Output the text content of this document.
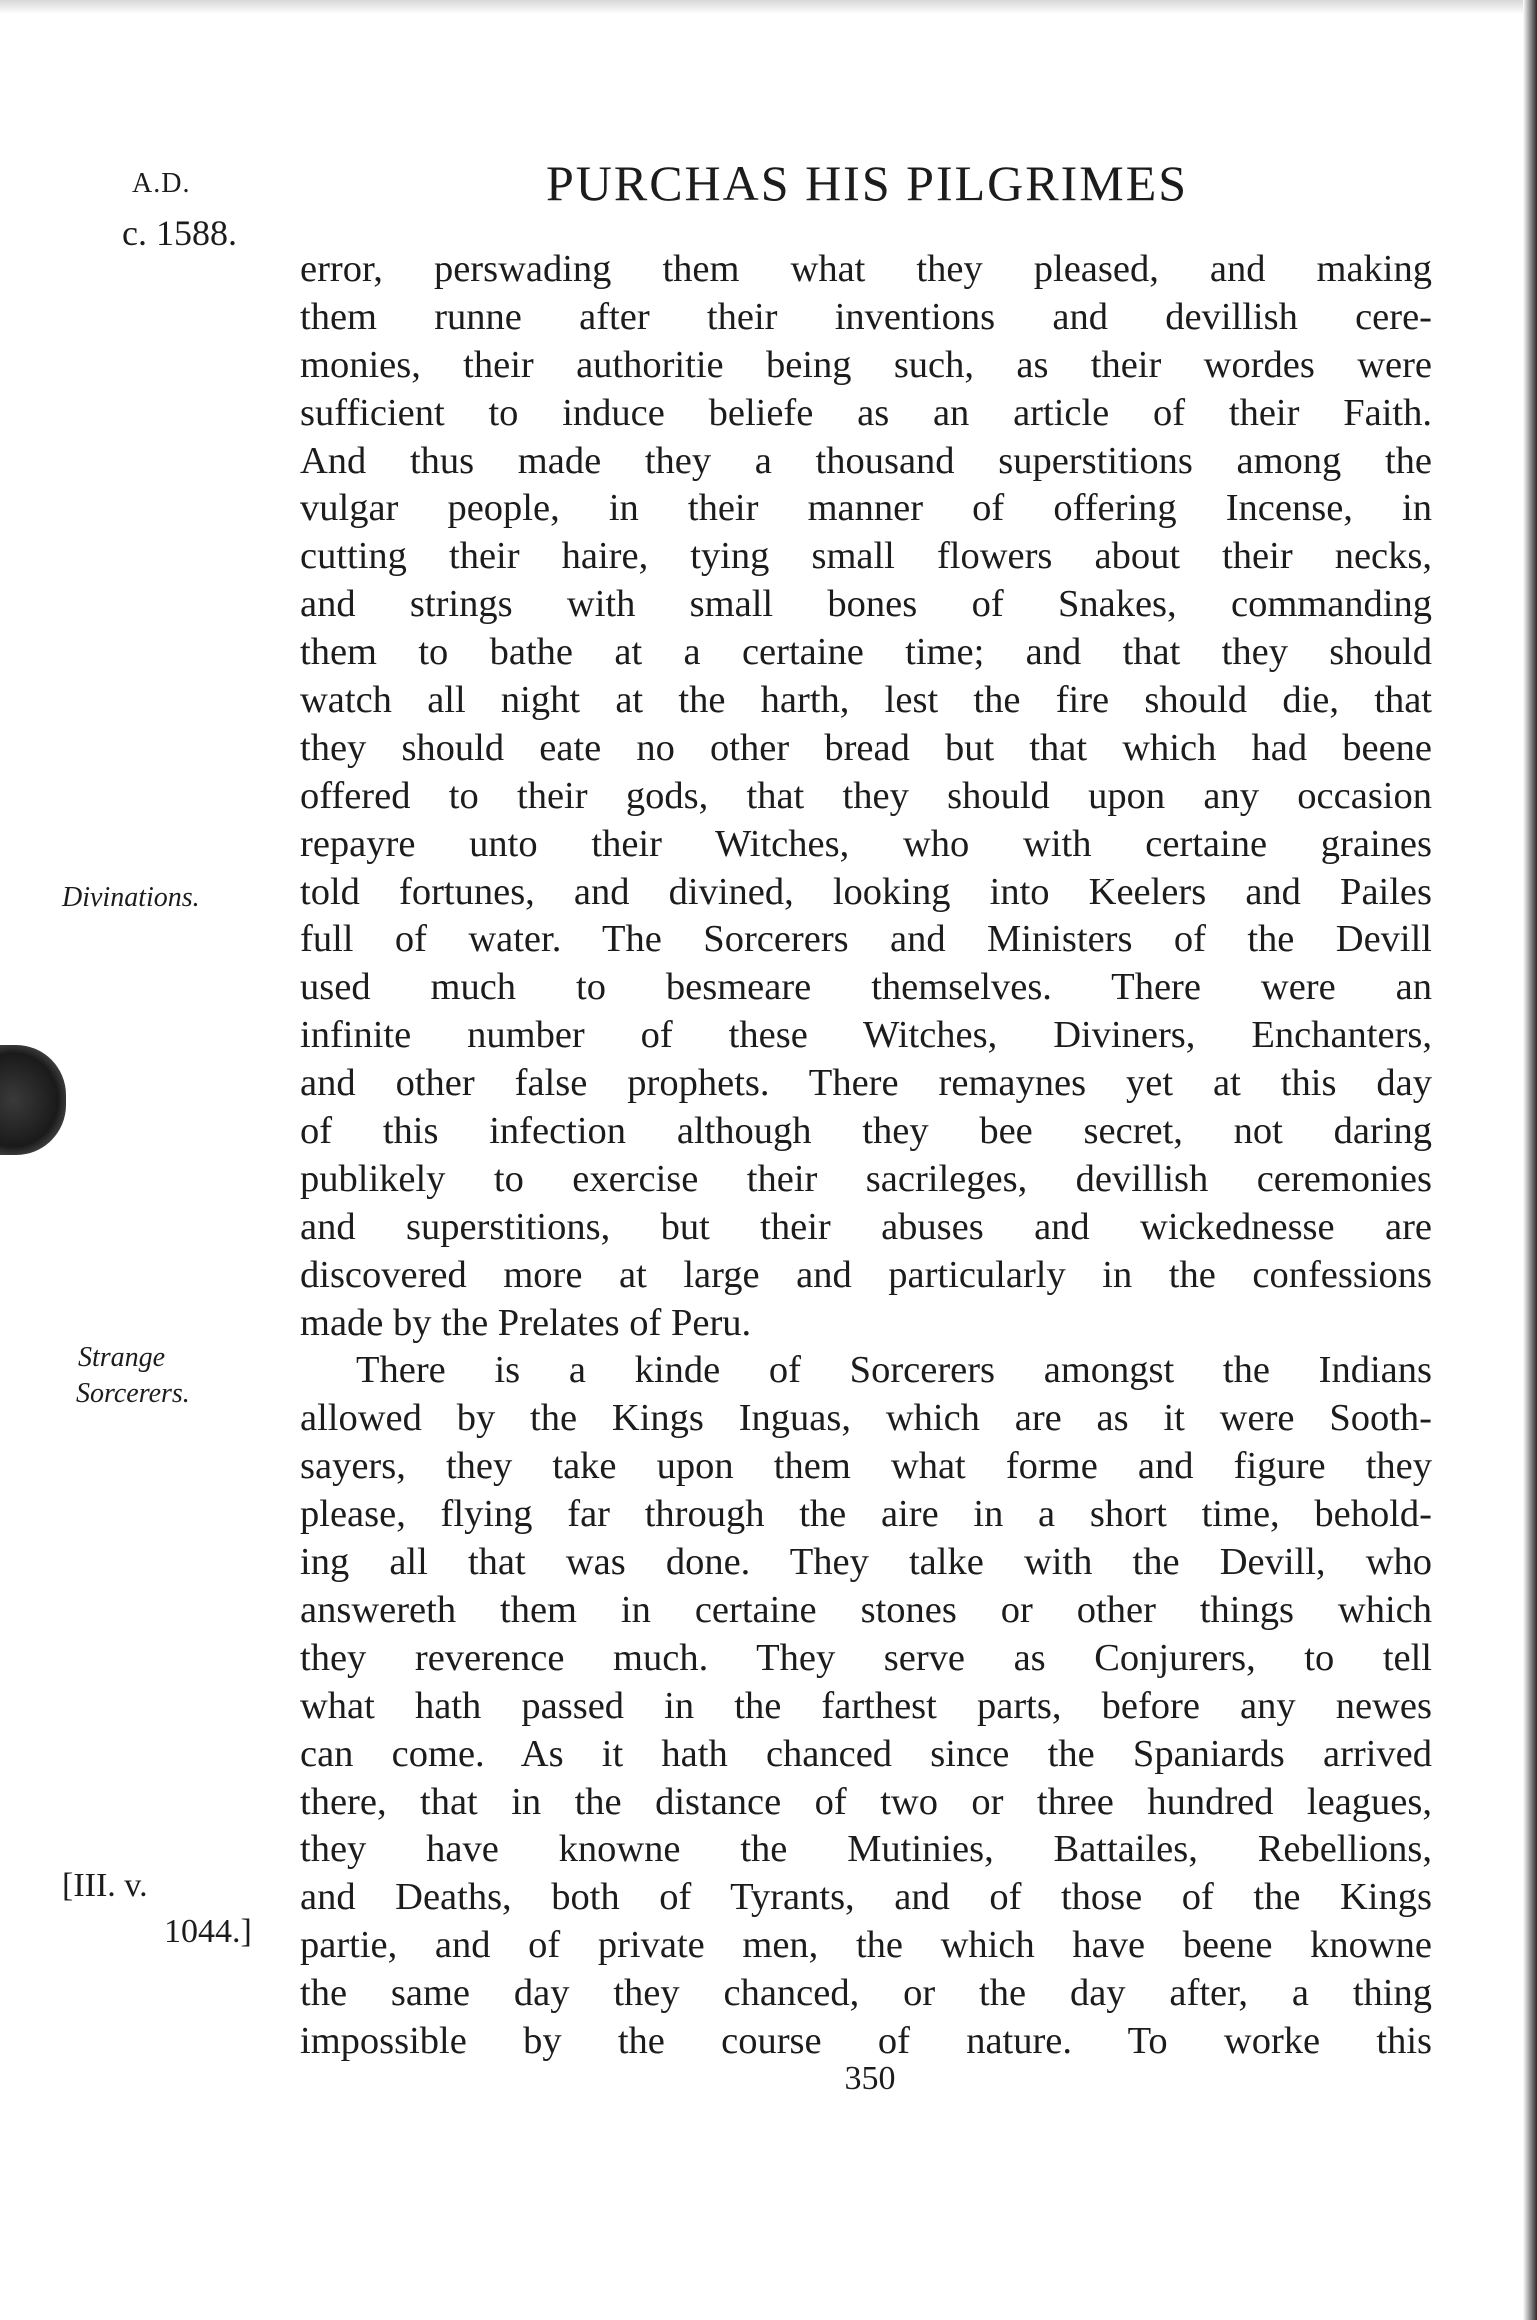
A.D.
c. 1588.
PURCHAS HIS PILGRIMES
Divinations.
Strange
Sorcerers.
[III. v.
1044.]
error, perswading them what they pleased, and making
them runne after their inventions and devillish cere-
monies, their authoritie being such, as their wordes were
sufficient to induce beliefe as an article of their Faith.
And thus made they a thousand superstitions among the
vulgar people, in their manner of offering Incense, in
cutting their haire, tying small flowers about their necks,
and strings with small bones of Snakes, commanding
them to bathe at a certaine time; and that they should
watch all night at the harth, lest the fire should die, that
they should eate no other bread but that which had beene
offered to their gods, that they should upon any occasion
repayre unto their Witches, who with certaine graines
told fortunes, and divined, looking into Keelers and Pailes
full of water. The Sorcerers and Ministers of the Devill
used much to besmeare themselves. There were an
infinite number of these Witches, Diviners, Enchanters,
and other false prophets. There remaynes yet at this day
of this infection although they bee secret, not daring
publikely to exercise their sacrileges, devillish ceremonies
and superstitions, but their abuses and wickednesse are
discovered more at large and particularly in the confessions
made by the Prelates of Peru.
There is a kinde of Sorcerers amongst the Indians
allowed by the Kings Inguas, which are as it were Sooth-
sayers, they take upon them what forme and figure they
please, flying far through the aire in a short time, behold-
ing all that was done. They talke with the Devill, who
answereth them in certaine stones or other things which
they reverence much. They serve as Conjurers, to tell
what hath passed in the farthest parts, before any newes
can come. As it hath chanced since the Spaniards arrived
there, that in the distance of two or three hundred leagues,
they have knowne the Mutinies, Battailes, Rebellions,
and Deaths, both of Tyrants, and of those of the Kings
partie, and of private men, the which have beene knowne
the same day they chanced, or the day after, a thing
impossible by the course of nature. To worke this
350
